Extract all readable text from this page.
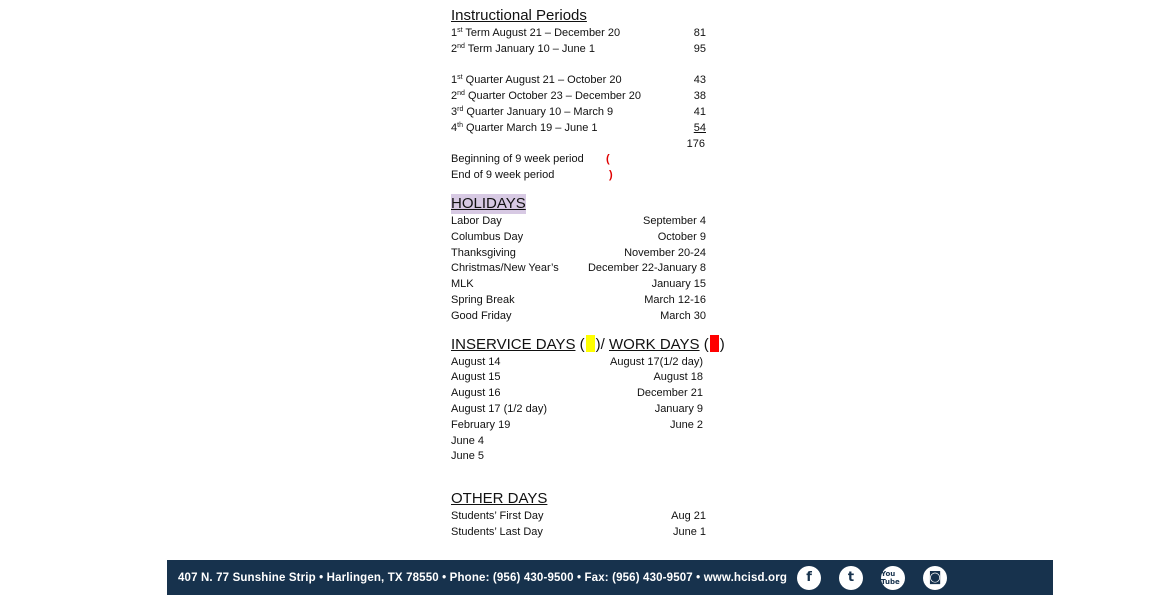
Instructional Periods
1st Term August 21 – December 20	81
2nd Term January 10 – June 1	95
1st Quarter August 21 – October 20	43
2nd Quarter October 23 – December 20	38
3rd Quarter January 10 – March 9	41
4th Quarter March 19 – June 1	54
176
Beginning of 9 week period (
End of 9 week period	)
HOLIDAYS
Labor Day	September 4
Columbus Day	October 9
Thanksgiving	November 20-24
Christmas/New Year’s	December 22-January 8
MLK	January 15
Spring Break	March 12-16
Good Friday	March 30
INSERVICE DAYS ( )/ WORK DAYS ( )
August 14	August 17(1/2 day)
August 15	August 18
August 16	December 21
August 17 (1/2 day)	January 9
February 19	June 2
June 4
June 5
OTHER DAYS
Students’ First Day	Aug 21
Students’ Last Day	June 1
407 N. 77 Sunshine Strip • Harlingen, TX 78550 • Phone: (956) 430-9500 • Fax: (956) 430-9507 • www.hcisd.org	f	t	You Tube	◙
